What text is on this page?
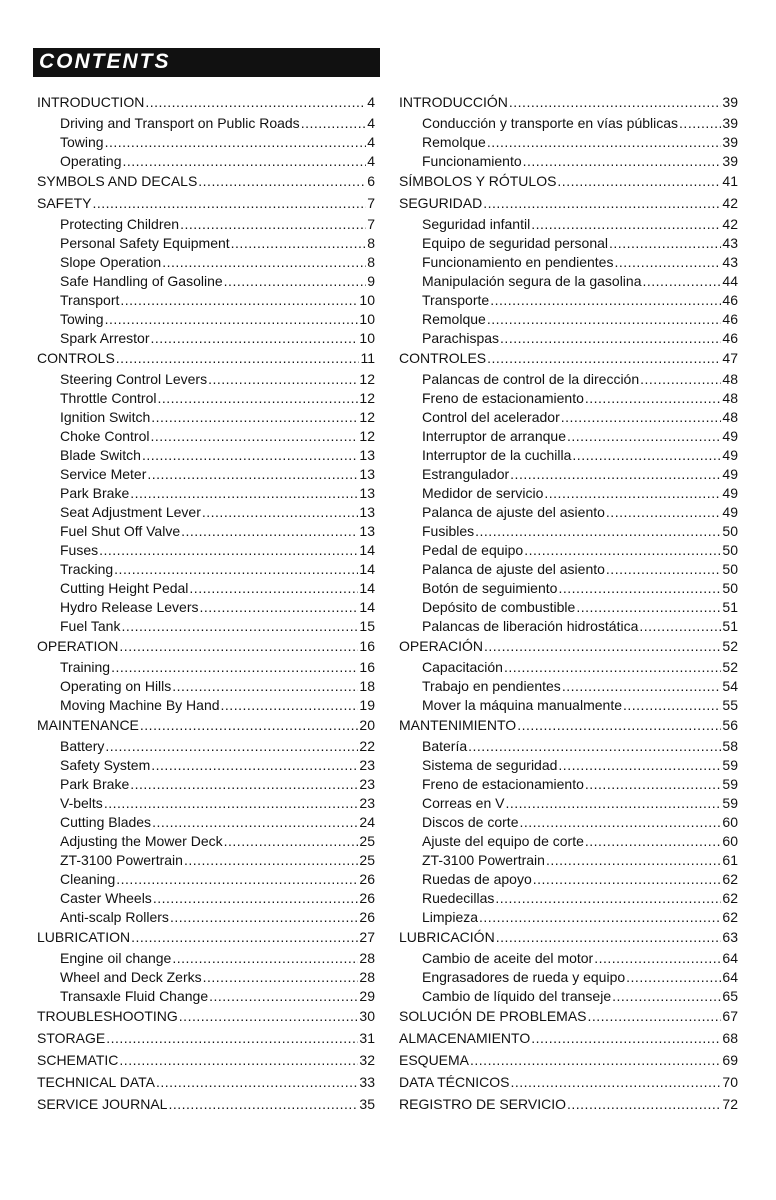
CONTENTS
INTRODUCTION .....	4
Driving and Transport on Public Roads .....	4
Towing .....	4
Operating .....	4
SYMBOLS AND DECALS .....	6
SAFETY .....	7
Protecting Children .....	7
Personal Safety Equipment .....	8
Slope Operation .....	8
Safe Handling of Gasoline .....	9
Transport .....	10
Towing .....	10
Spark Arrestor .....	10
CONTROLS .....	11
Steering Control Levers .....	12
Throttle Control .....	12
Ignition Switch .....	12
Choke Control .....	12
Blade Switch .....	13
Service Meter .....	13
Park Brake .....	13
Seat Adjustment Lever .....	13
Fuel Shut Off Valve .....	13
Fuses .....	14
Tracking .....	14
Cutting Height Pedal .....	14
Hydro Release Levers .....	14
Fuel Tank .....	15
OPERATION .....	16
Training .....	16
Operating on Hills .....	18
Moving Machine By Hand .....	19
MAINTENANCE .....	20
Battery .....	22
Safety System .....	23
Park Brake .....	23
V-belts .....	23
Cutting Blades .....	24
Adjusting the Mower Deck .....	25
ZT-3100 Powertrain .....	25
Cleaning .....	26
Caster Wheels .....	26
Anti-scalp Rollers .....	26
LUBRICATION .....	27
Engine oil change .....	28
Wheel and Deck Zerks .....	28
Transaxle Fluid Change .....	29
TROUBLESHOOTING .....	30
STORAGE .....	31
SCHEMATIC .....	32
TECHNICAL DATA .....	33
SERVICE JOURNAL .....	35
INTRODUCCIÓN .....	39
Conducción y transporte en vías públicas .....	39
Remolque .....	39
Funcionamiento .....	39
SÍMBOLOS Y RÓTULOS .....	41
SEGURIDAD .....	42
Seguridad infantil .....	42
Equipo de seguridad personal .....	43
Funcionamiento en pendientes .....	43
Manipulación segura de la gasolina .....	44
Transporte .....	46
Remolque .....	46
Parachispas .....	46
CONTROLES .....	47
Palancas de control de la dirección .....	48
Freno de estacionamiento .....	48
Control del acelerador .....	48
Interruptor de arranque .....	49
Interruptor de la cuchilla .....	49
Estrangulador .....	49
Medidor de servicio .....	49
Palanca de ajuste del asiento .....	49
Fusibles .....	50
Pedal de equipo .....	50
Palanca de ajuste del asiento .....	50
Botón de seguimiento .....	50
Depósito de combustible .....	51
Palancas de liberación hidrostática .....	51
OPERACIÓN .....	52
Capacitación .....	52
Trabajo en pendientes .....	54
Mover la máquina manualmente .....	55
MANTENIMIENTO .....	56
Batería .....	58
Sistema de seguridad .....	59
Freno de estacionamiento .....	59
Correas en V .....	59
Discos de corte .....	60
Ajuste del equipo de corte .....	60
ZT-3100 Powertrain .....	61
Ruedas de apoyo .....	62
Ruedecillas .....	62
Limpieza .....	62
LUBRICACIÓN .....	63
Cambio de aceite del motor .....	64
Engrasadores de rueda y equipo .....	64
Cambio de líquido del transeje .....	65
SOLUCIÓN DE PROBLEMAS .....	67
ALMACENAMIENTO .....	68
ESQUEMA .....	69
DATA TÉCNICOS .....	70
REGISTRO DE SERVICIO .....	72
